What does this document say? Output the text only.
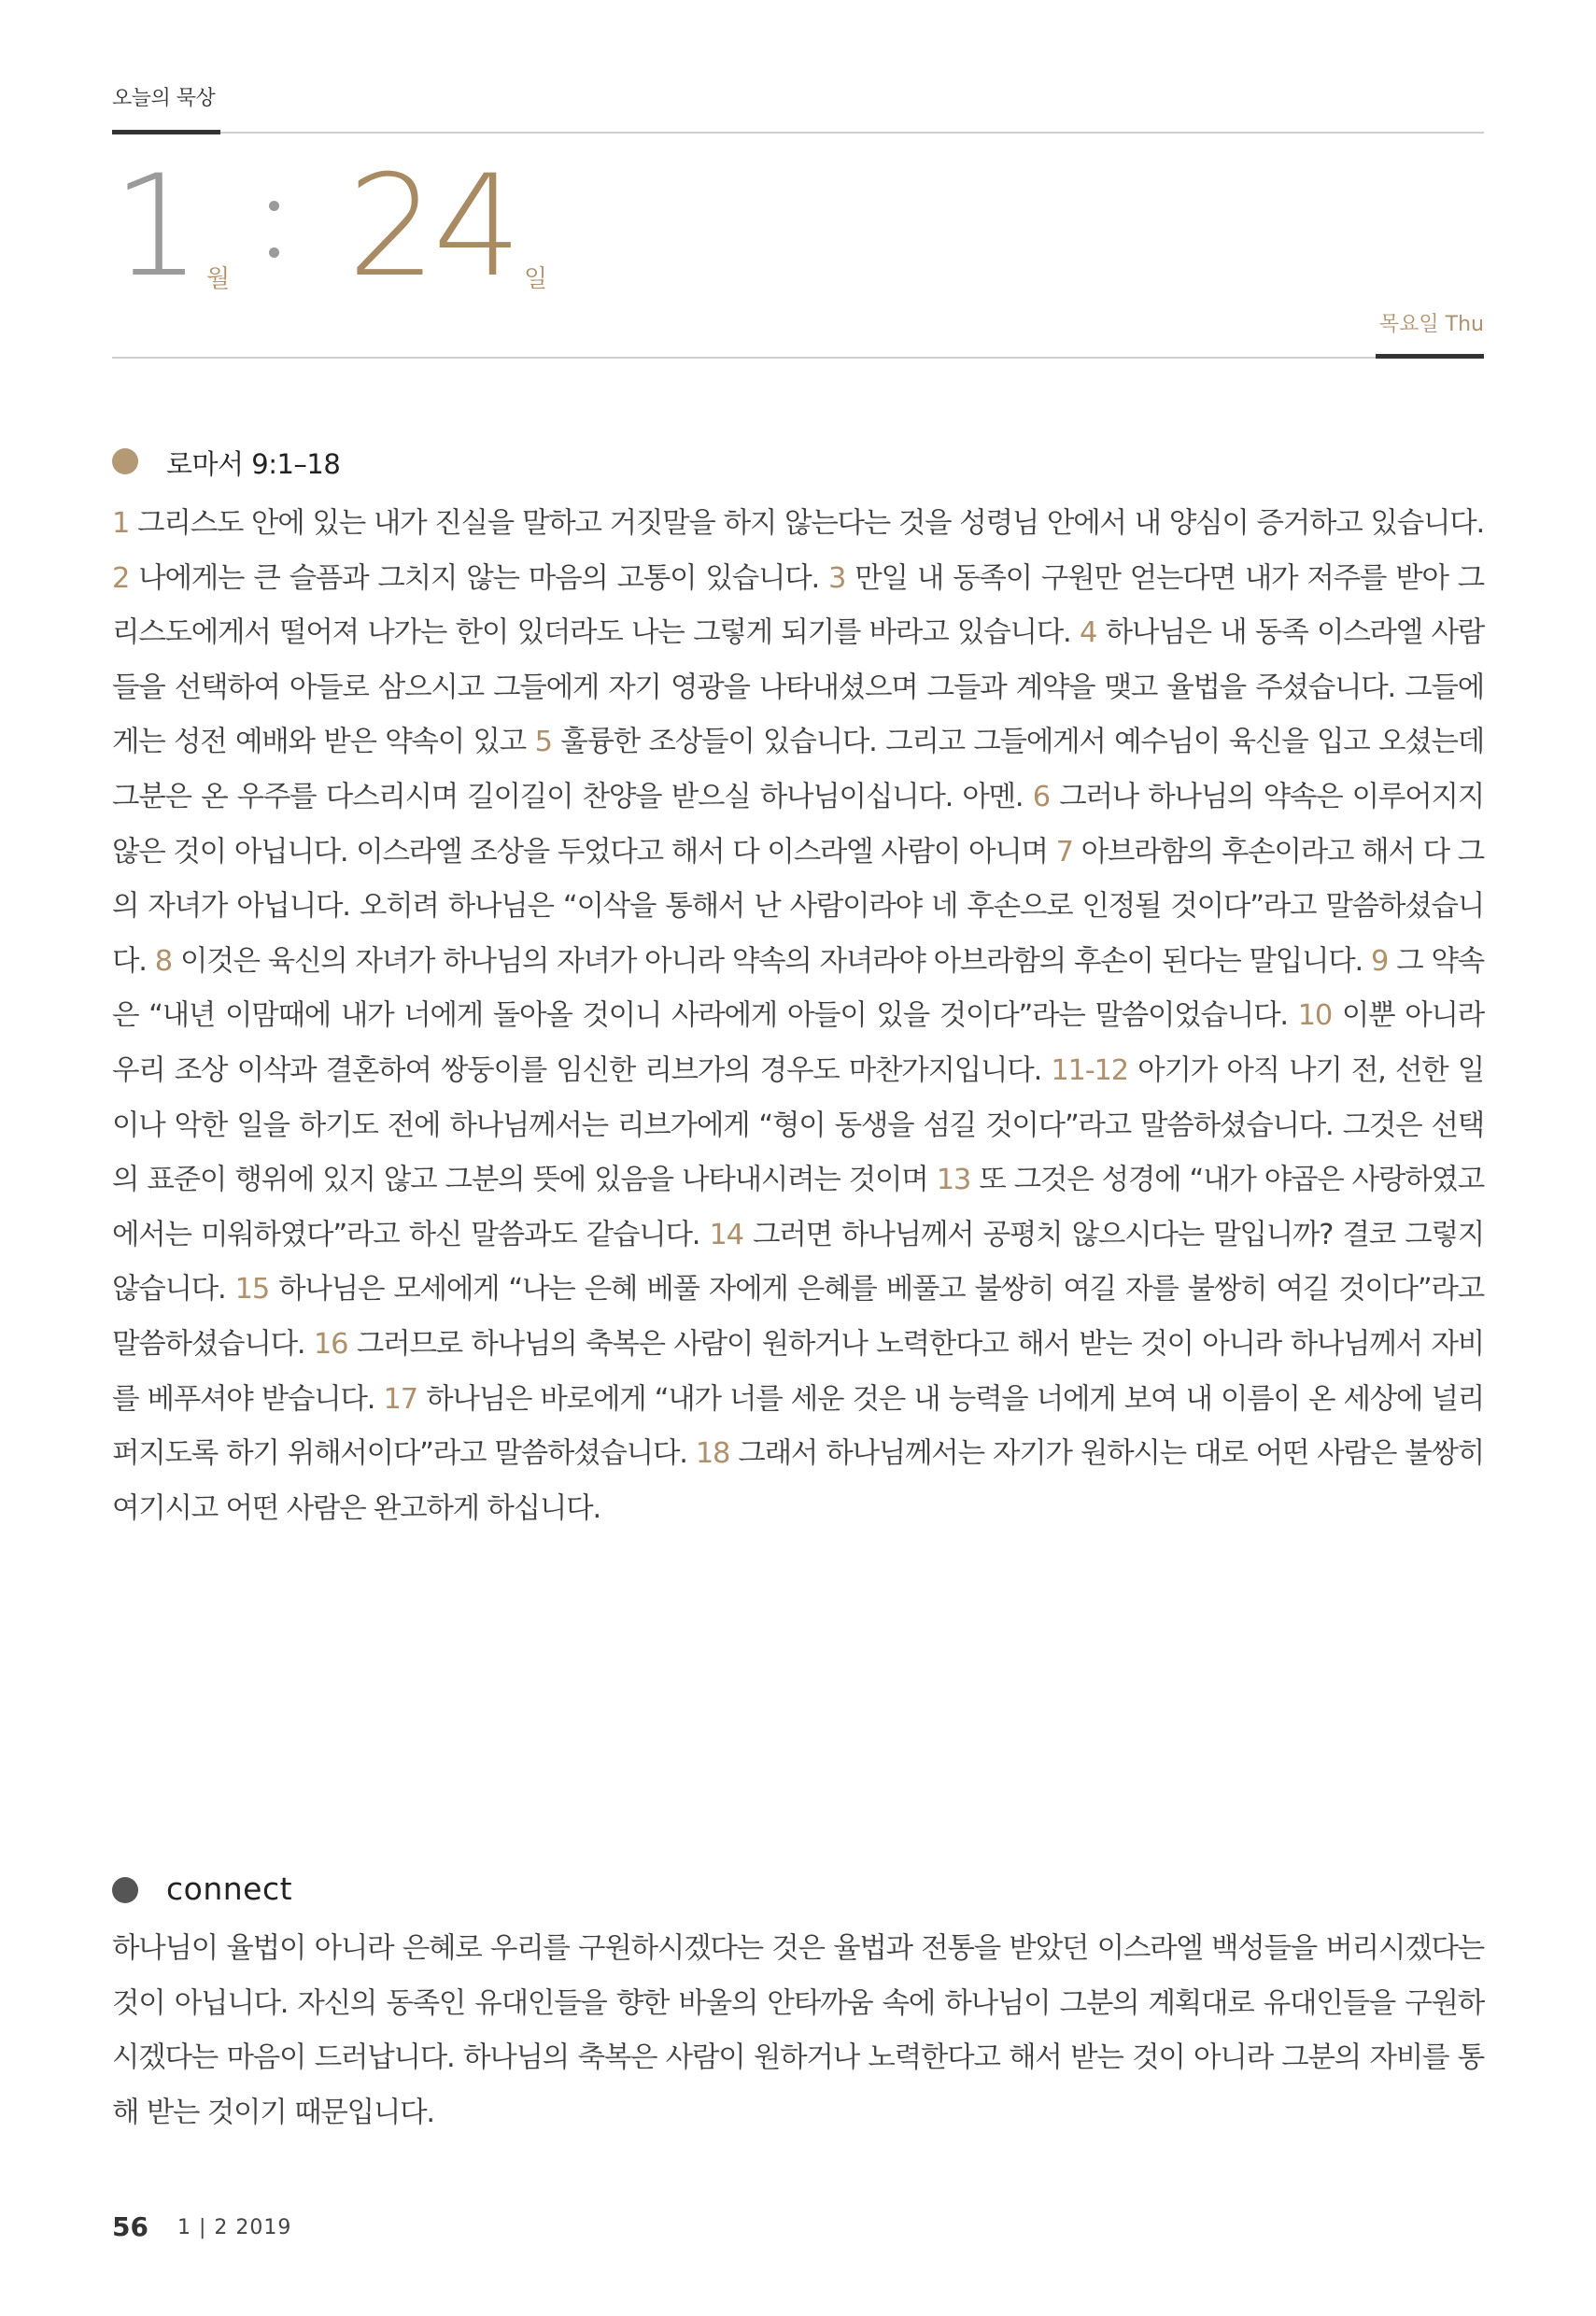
오늘의 묵상
1 월 24 일
목요일 Thu
로마서 9:1–18
1 그리스도 안에 있는 내가 진실을 말하고 거짓말을 하지 않는다는 것을 성령님 안에서 내 양심이 증거하고 있습니다. 2 나에게는 큰 슬픔과 그치지 않는 마음의 고통이 있습니다. 3 만일 내 동족이 구원만 얻는다면 내가 저주를 받아 그리스도에게서 떨어져 나가는 한이 있더라도 나는 그렇게 되기를 바라고 있습니다. 4 하나님은 내 동족 이스라엘 사람들을 선택하여 아들로 삼으시고 그들에게 자기 영광을 나타내셨으며 그들과 계약을 맺고 율법을 주셨습니다. 그들에게는 성전 예배와 받은 약속이 있고 5 훌륭한 조상들이 있습니다. 그리고 그들에게서 예수님이 육신을 입고 오셨는데 그분은 온 우주를 다스리시며 길이길이 찬양을 받으실 하나님이십니다. 아멘. 6 그러나 하나님의 약속은 이루어지지 않은 것이 아닙니다. 이스라엘 조상을 두었다고 해서 다 이스라엘 사람이 아니며 7 아브라함의 후손이라고 해서 다 그의 자녀가 아닙니다. 오히려 하나님은 “이삭을 통해서 난 사람이라야 네 후손으로 인정될 것이다”라고 말씀하셨습니다. 8 이것은 육신의 자녀가 하나님의 자녀가 아니라 약속의 자녀라야 아브라함의 후손이 된다는 말입니다. 9 그 약속은 “내년 이맘때에 내가 너에게 돌아올 것이니 사라에게 아들이 있을 것이다”라는 말씀이었습니다. 10 이뿐 아니라 우리 조상 이삭과 결혼하여 쌍둥이를 임신한 리브가의 경우도 마찬가지입니다. 11-12 아기가 아직 나기 전, 선한 일이나 악한 일을 하기도 전에 하나님께서는 리브가에게 “형이 동생을 섬길 것이다”라고 말씀하셨습니다. 그것은 선택의 표준이 행위에 있지 않고 그분의 뜻에 있음을 나타내시려는 것이며 13 또 그것은 성경에 “내가 야곱은 사랑하였고 에서는 미워하였다”라고 하신 말씀과도 같습니다. 14 그러면 하나님께서 공평치 않으시다는 말입니까? 결코 그렇지 않습니다. 15 하나님은 모세에게 “나는 은혜 베풀 자에게 은혜를 베풀고 불쌍히 여길 자를 불쌍히 여길 것이다”라고 말씀하셨습니다. 16 그러므로 하나님의 축복은 사람이 원하거나 노력한다고 해서 받는 것이 아니라 하나님께서 자비를 베푸셔야 받습니다. 17 하나님은 바로에게 “내가 너를 세운 것은 내 능력을 너에게 보여 내 이름이 온 세상에 널리 퍼지도록 하기 위해서이다”라고 말씀하셨습니다. 18 그래서 하나님께서는 자기가 원하시는 대로 어떤 사람은 불쌍히 여기시고 어떤 사람은 완고하게 하십니다.
connect
하나님이 율법이 아니라 은혜로 우리를 구원하시겠다는 것은 율법과 전통을 받았던 이스라엘 백성들을 버리시겠다는 것이 아닙니다. 자신의 동족인 유대인들을 향한 바울의 안타까움 속에 하나님이 그분의 계획대로 유대인들을 구원하시겠다는 마음이 드러납니다. 하나님의 축복은 사람이 원하거나 노력한다고 해서 받는 것이 아니라 그분의 자비를 통해 받는 것이기 때문입니다.
56 1 | 2 2019
